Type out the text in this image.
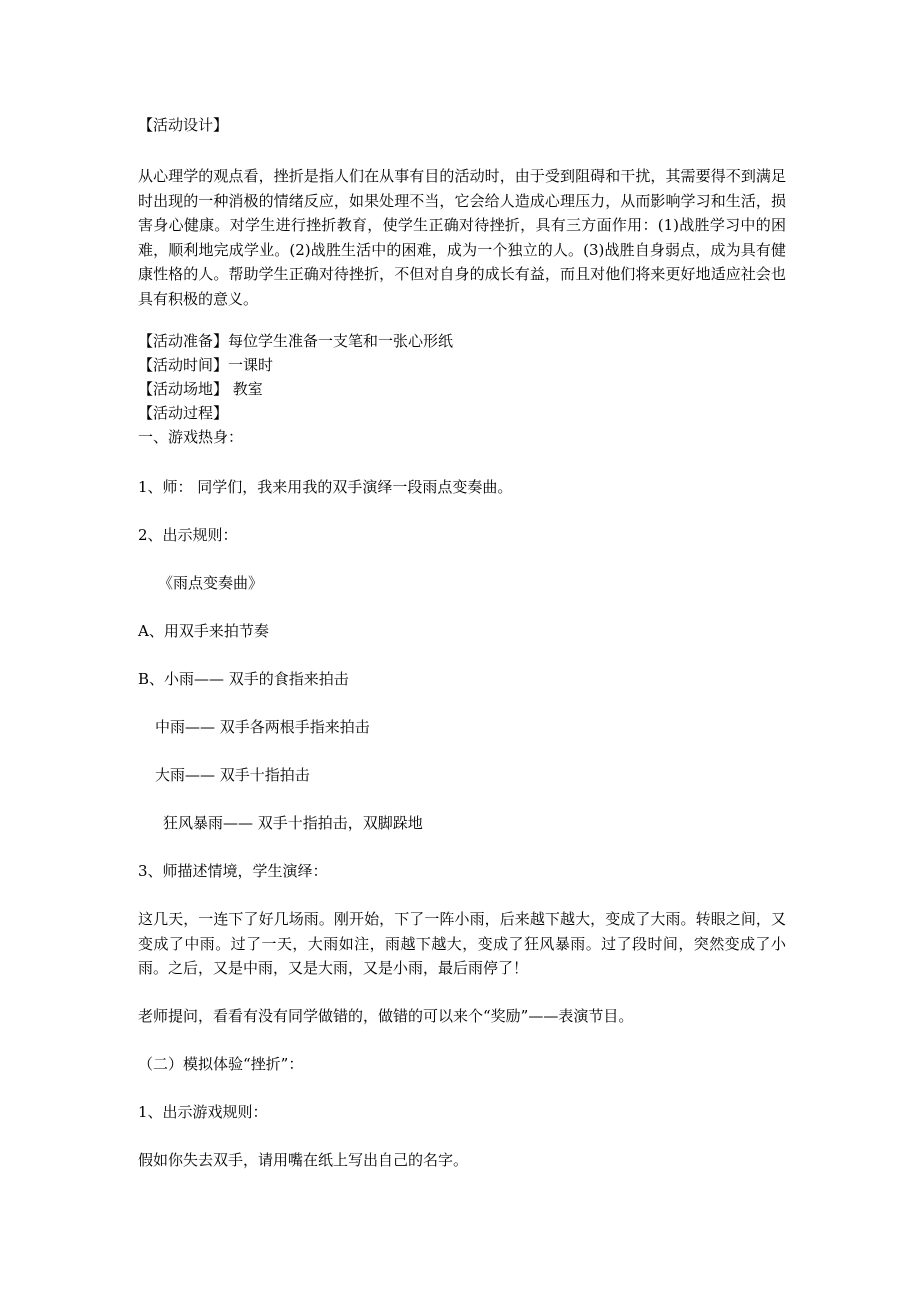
【活动设计】

从心理学的观点看，挫折是指人们在从事有目的活动时，由于受到阻碍和干扰，其需要得不到满足时出现的一种消极的情绪反应，如果处理不当，它会给人造成心理压力，从而影响学习和生活，损害身心健康。对学生进行挫折教育，使学生正确对待挫折，具有三方面作用：(1)战胜学习中的困难，顺利地完成学业。(2)战胜生活中的困难，成为一个独立的人。(3)战胜自身弱点，成为具有健康性格的人。帮助学生正确对待挫折，不但对自身的成长有益，而且对他们将来更好地适应社会也具有积极的意义。

【活动准备】每位学生准备一支笔和一张心形纸

【活动时间】一课时

【活动场地】 教室

【活动过程】

一、游戏热身：

1、师： 同学们，我来用我的双手演绎一段雨点变奏曲。

2、出示规则：

《雨点变奏曲》

A、用双手来拍节奏

B、小雨—— 双手的食指来拍击

中雨—— 双手各两根手指来拍击

大雨—— 双手十指拍击

狂风暴雨—— 双手十指拍击，双脚跺地

3、师描述情境，学生演绎：

这几天，一连下了好几场雨。刚开始，下了一阵小雨，后来越下越大，变成了大雨。转眼之间，又变成了中雨。过了一天，大雨如注，雨越下越大，变成了狂风暴雨。过了段时间，突然变成了小雨。之后，又是中雨，又是大雨，又是小雨，最后雨停了！

老师提问，看看有没有同学做错的，做错的可以来个“奖励”——表演节目。

（二）模拟体验“挫折”：

1、出示游戏规则：

假如你失去双手，请用嘴在纸上写出自己的名字。
